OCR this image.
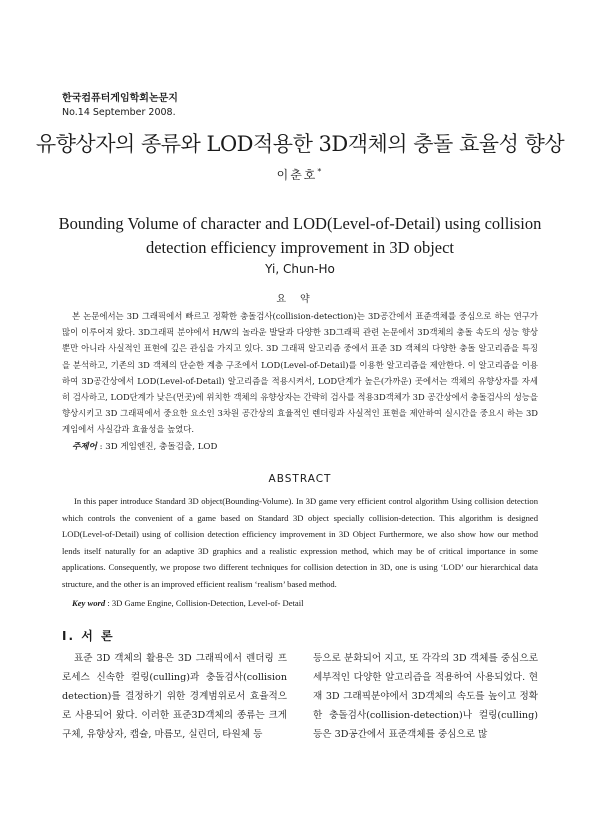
한국컴퓨터게임학회논문지
No.14 September 2008.
유향상자의 종류와 LOD적용한 3D객체의 충돌 효율성 향상
이춘호*
Bounding Volume of character and LOD(Level-of-Detail) using collision detection efficiency improvement in 3D object
Yi, Chun-Ho
요약
본 논문에서는 3D 그래픽에서 빠르고 정확한 충돌검사(collision-detection)는 3D공간에서 표준객체를 중심으로 하는 연구가 많이 이루어져 왔다. 3D그래픽 분야에서 H/W의 놀라운 발달과 다양한 3D그래픽 관련 논문에서 3D객체의 충돌 속도의 성능 향상뿐만 아니라 사실적인 표현에 깊은 관심을 가지고 있다. 3D 그래픽 알고리즘 중에서 표준 3D 객체의 다양한 충돌 알고리즘을 특징을 분석하고, 기존의 3D 객체의 단순한 계층 구조에서 LOD(Level-of-Detail)를 이용한 알고리즘을 제안한다. 이 알고리즘을 이용하여 3D공간상에서 LOD(Level-of-Detail) 알고리즘을 적용시켜서, LOD단계가 높은(가까운) 곳에서는 객체의 유향상자를 자세히 검사하고, LOD단계가 낮은(먼곳)에 위치한 객체의 유향상자는 간략히 검사를 적용3D객체가 3D 공간상에서 충돌검사의 성능을 향상시키고 3D 그래픽에서 중요한 요소인 3차원 공간상의 효율적인 렌더링과 사실적인 표현을 제안하여 실시간을 중요시 하는 3D 게임에서 사실감과 효율성을 높였다.
주제어 : 3D 게임엔진, 충돌검출, LOD
ABSTRACT
In this paper introduce Standard 3D object(Bounding-Volume). In 3D game very efficient control algorithm Using collision detection which controls the convenient of a game based on Standard 3D object specially collision-detection. This algorithm is designed LOD(Level-of-Detail) using of collision detection efficiency improvement in 3D Object Furthermore, we also show how our method lends itself naturally for an adaptive 3D graphics and a realistic expression method, which may be of critical importance in some applications. Consequently, we propose two different techniques for collision detection in 3D, one is using ‘LOD’ our hierarchical data structure, and the other is an improved efficient realism ‘realism’ based method.
Key word : 3D Game Engine, Collision-Detection, Level-of- Detail
Ⅰ. 서 론
표준 3D 객체의 활용은 3D 그래픽에서 렌더링 프로세스 신속한 컬링(culling)과 충돌검사(collision detection)를 결정하기 위한 경계범위로서 효율적으로 사용되어 왔다. 이러한 표준3D객체의 종류는 크게 구체, 유향상자, 캡슐, 마름모, 실린더, 타원체 등
등으로 분화되어 지고, 또 각각의 3D 객체를 중심으로 세부적인 다양한 알고리즘을 적용하여 사용되었다. 현재 3D 그래픽분야에서 3D객체의 속도를 높이고 정확한 충돌검사(collision-detection)나 컬링(culling)등은 3D공간에서 표준객체를 중심으로 많
